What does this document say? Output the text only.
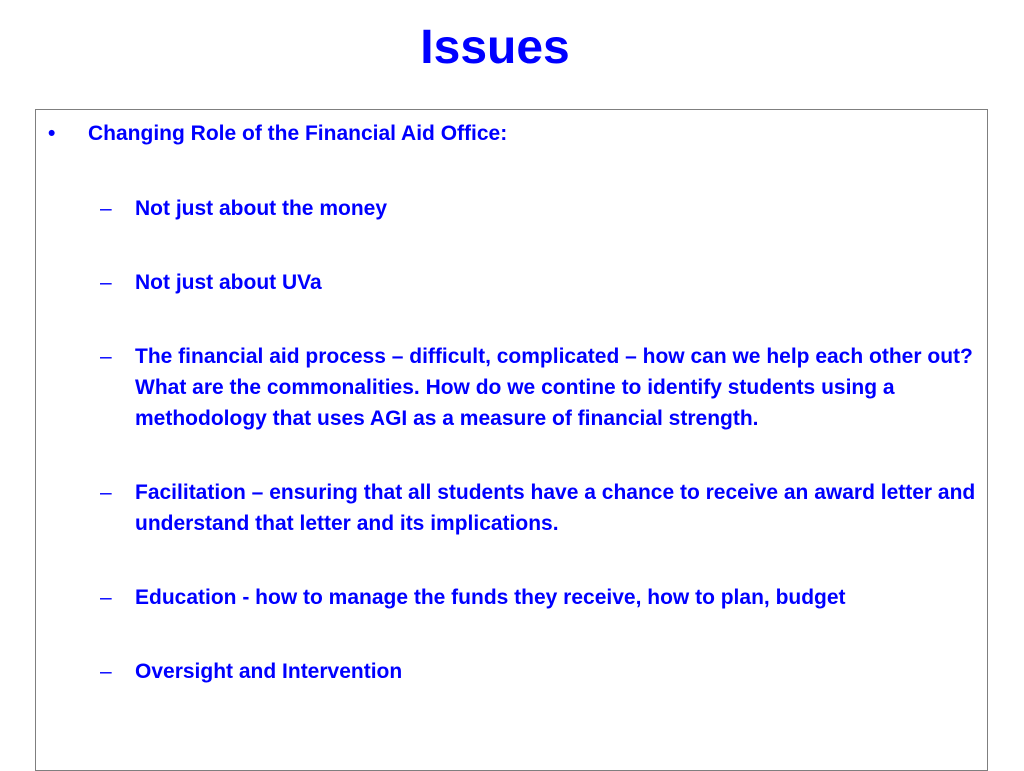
Issues
• Changing Role of the Financial Aid Office:
– Not just about the money
– Not just about UVa
– The financial aid process – difficult, complicated – how can we help each other out? What are the commonalities. How do we contine to identify students using a methodology that uses AGI as a measure of financial strength.
– Facilitation – ensuring that all students have a chance to receive an award letter and understand that letter and its implications.
– Education - how to manage the funds they receive, how to plan, budget
– Oversight and Intervention
